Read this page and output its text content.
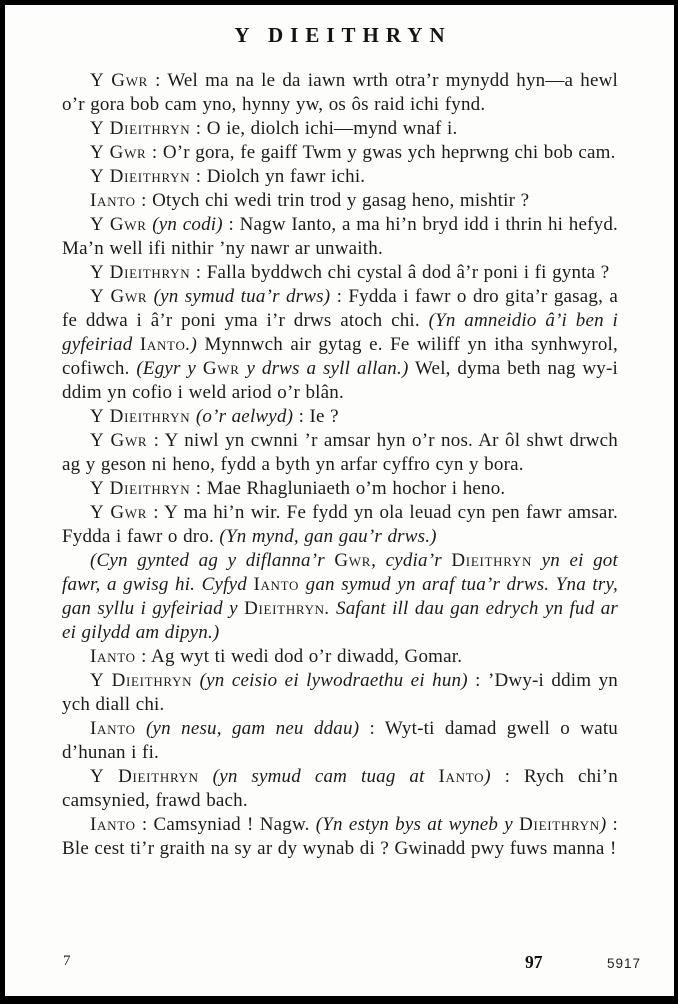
Y DIEITHRYN

Y Gwr : Wel ma na le da iawn wrth otra’r mynydd hyn—a hewl o’r gora bob cam yno, hynny yw, os ôs raid ichi fynd.

Y Dieithryn : O ie, diolch ichi—mynd wnaf i.

Y Gwr : O’r gora, fe gaiff Twm y gwas ych heprwng chi bob cam.

Y Dieithryn : Diolch yn fawr ichi.

Ianto : Otych chi wedi trin trod y gasag heno, mishtir ?

Y Gwr (yn codi) : Nagw Ianto, a ma hi’n bryd idd i thrin hi hefyd. Ma’n well ifi nithir ’ny nawr ar unwaith.

Y Dieithryn : Falla byddwch chi cystal â dod â’r poni i fi gynta ?

Y Gwr (yn symud tua’r drws) : Fydda i fawr o dro gita’r gasag, a fe ddwa i â’r poni yma i’r drws atoch chi. (Yn amneidio â’i ben i gyfeiriad Ianto.) Mynnwch air gytag e. Fe wiliff yn itha synhwyrol, cofiwch. (Egyr y Gwr y drws a syll allan.) Wel, dyma beth nag wy-i ddim yn cofio i weld ariod o’r blân.

Y Dieithryn (o’r aelwyd) : Ie ?

Y Gwr : Y niwl yn cwnni ’r amsar hyn o’r nos. Ar ôl shwt drwch ag y geson ni heno, fydd a byth yn arfar cyffro cyn y bora.

Y Dieithryn : Mae Rhagluniaeth o’m hochor i heno.

Y Gwr : Y ma hi’n wir. Fe fydd yn ola leuad cyn pen fawr amsar. Fydda i fawr o dro. (Yn mynd, gan gau’r drws.)

(Cyn gynted ag y diflanna’r Gwr, cydia’r Dieithryn yn ei got fawr, a gwisg hi. Cyfyd Ianto gan symud yn araf tua’r drws. Yna try, gan syllu i gyfeiriad y Dieithryn. Safant ill dau gan edrych yn fud ar ei gilydd am dipyn.)

Ianto : Ag wyt ti wedi dod o’r diwadd, Gomar.

Y Dieithryn (yn ceisio ei lywodraethu ei hun) : ’Dwy-i ddim yn ych diall chi.

Ianto (yn nesu, gam neu ddau) : Wyt-ti damad gwell o watu d’hunan i fi.

Y Dieithryn (yn symud cam tuag at Ianto) : Rych chi’n camsynied, frawd bach.

Ianto : Camsyniad ! Nagw. (Yn estyn bys at wyneb y Dieithryn) : Ble cest ti’r graith na sy ar dy wynab di ? Gwinadd pwy fuws manna !

7	97	5917
